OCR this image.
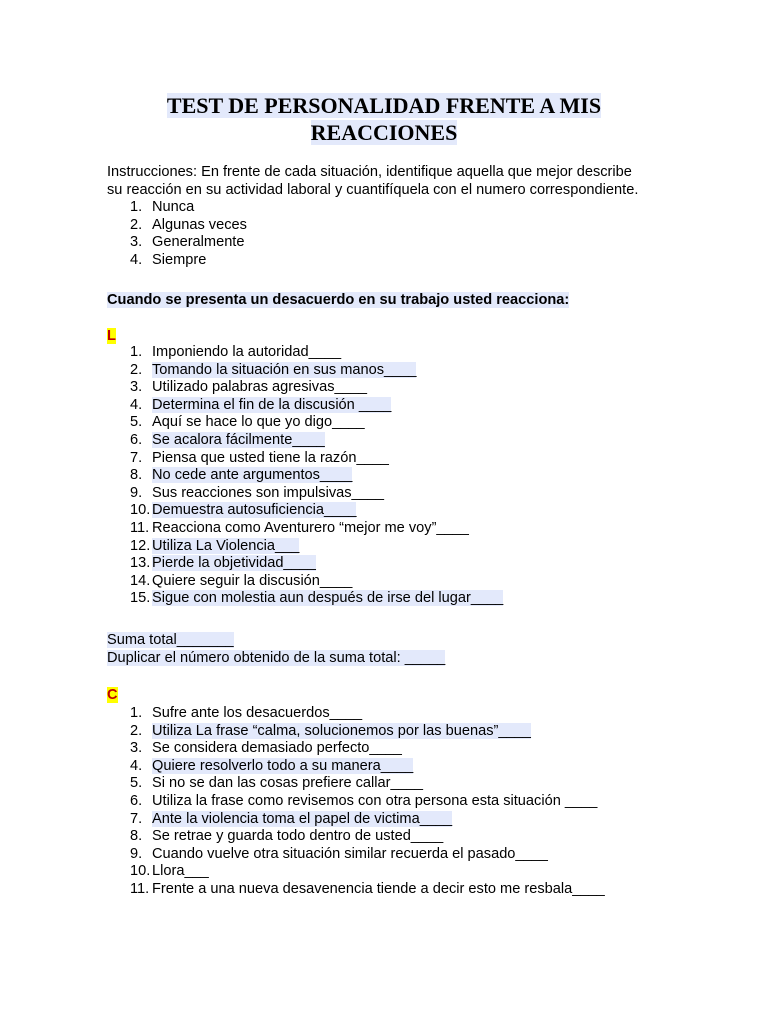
TEST DE PERSONALIDAD FRENTE A MIS
REACCIONES
Instrucciones: En frente de cada situación, identifique aquella que mejor describe
su reacción en su actividad laboral y cuantifíquela con el numero correspondiente.
1. Nunca
2. Algunas veces
3. Generalmente
4. Siempre
Cuando se presenta un desacuerdo en su trabajo usted reacciona:
L
1. Imponiendo la autoridad____
2. Tomando la situación en sus manos____
3. Utilizado palabras agresivas____
4. Determina el fin de la discusión ____
5. Aquí se hace lo que yo digo____
6. Se acalora fácilmente____
7. Piensa que usted tiene la razón____
8. No cede ante argumentos____
9. Sus reacciones son impulsivas____
10. Demuestra autosuficiencia____
11. Reacciona como Aventurero “mejor me voy”____
12. Utiliza La Violencia___
13. Pierde la objetividad____
14. Quiere seguir la discusión____
15. Sigue con molestia aun después de irse del lugar____
Suma total_______
Duplicar el número obtenido de la suma total: _____
C
1. Sufre ante los desacuerdos____
2. Utiliza La frase “calma, solucionemos por las buenas”____
3. Se considera demasiado perfecto____
4. Quiere resolverlo todo a su manera____
5. Si no se dan las cosas prefiere callar____
6. Utiliza la frase como revisemos con otra persona esta situación ____
7. Ante la violencia toma el papel de victima____
8. Se retrae y guarda todo dentro de usted____
9. Cuando vuelve otra situación similar recuerda el pasado____
10. Llora___
11. Frente a una nueva desavenencia tiende a decir esto me resbala____
